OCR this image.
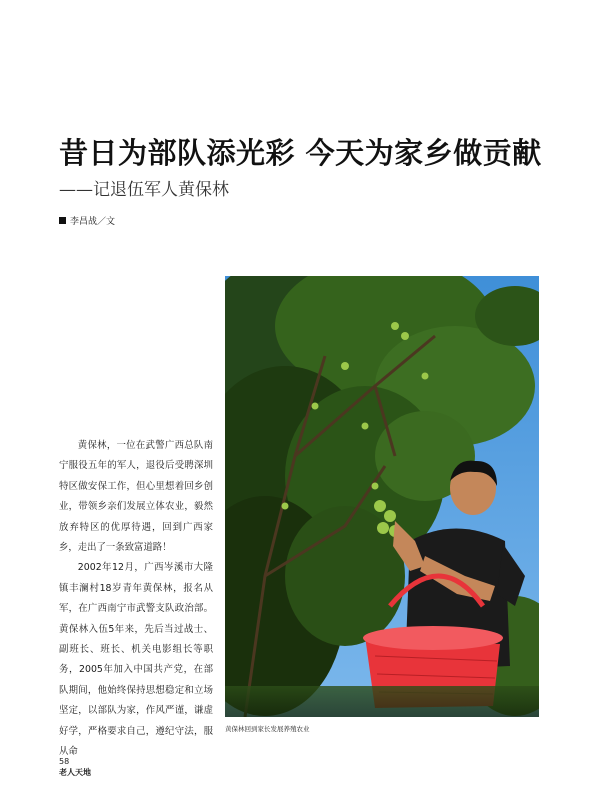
昔日为部队添光彩 今天为家乡做贡献
——记退伍军人黄保林
李昌战／文

黄保林，一位在武警广西总队南宁服役五年的军人，退役后受聘深圳特区做安保工作，但心里想着回乡创业，带领乡亲们发展立体农业，毅然放弃特区的优厚待遇，回到广西家乡，走出了一条致富道路！

2002年12月，广西岑溪市大隆镇丰澜村18岁青年黄保林，报名从军，在广西南宁市武警支队政治部。黄保林入伍5年来，先后当过战士、副班长、班长、机关电影组长等职务，2005年加入中国共产党，在部队期间，他始终保持思想稳定和立场坚定，以部队为家，作风严谨，谦虚好学，严格要求自己，遵纪守法，服从命

黄保林回到家长发展养殖农业
58
老人天地
